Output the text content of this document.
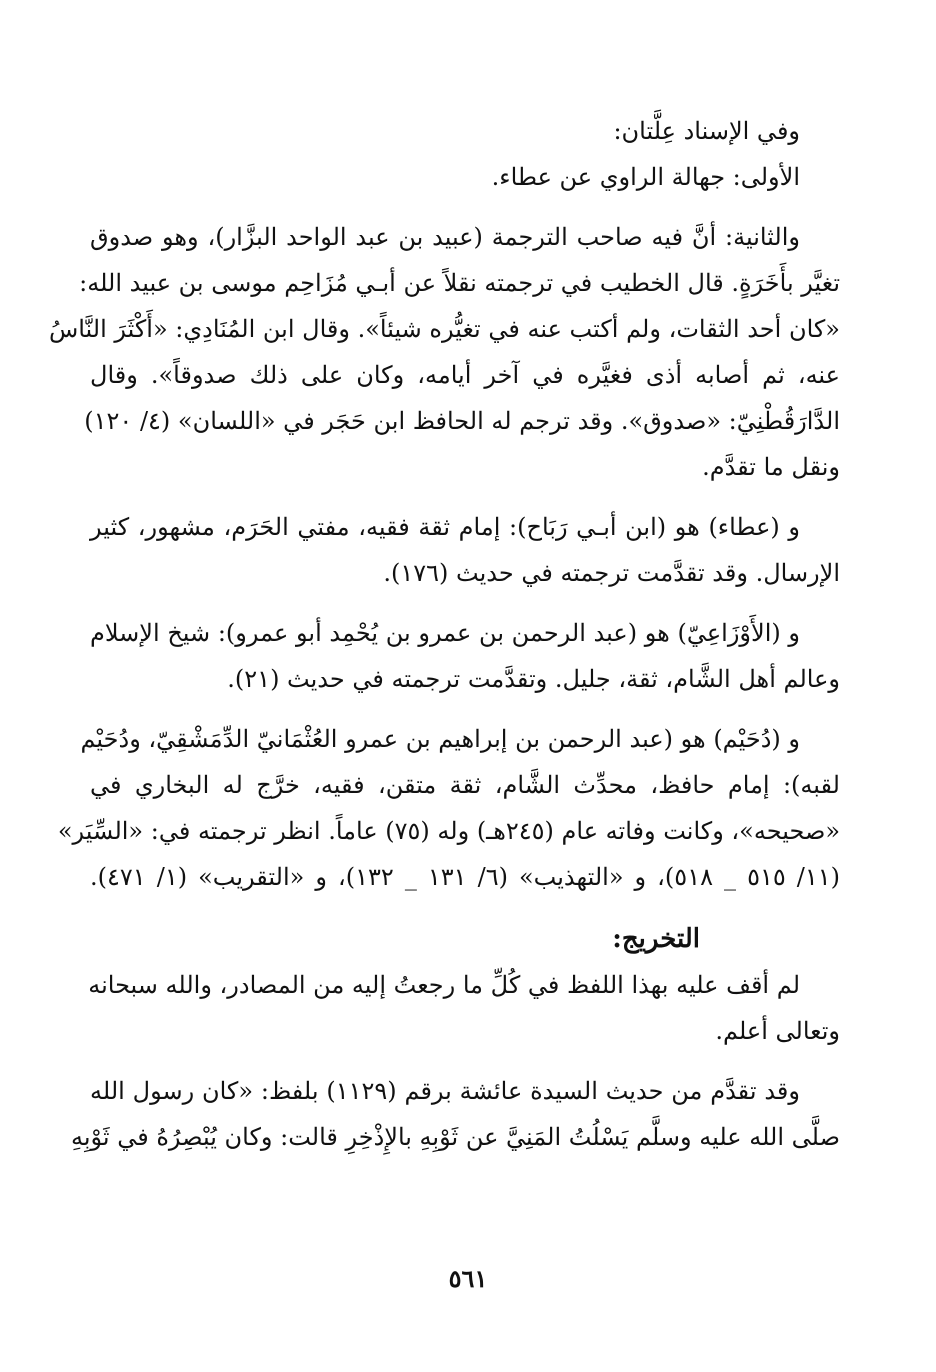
وفي الإسناد عِلَّتان:
الأولى: جهالة الراوي عن عطاء.
والثانية: أنَّ فيه صاحب الترجمة (عبيد بن عبد الواحد البزَّار)، وهو صدوق
تغيَّر بأَخَرَةٍ. قال الخطيب في ترجمته نقلاً عن أبـي مُزَاحِم موسى بن عبيد الله:
«كان أحد الثقات، ولم أكتب عنه في تغيُّره شيئاً». وقال ابن المُنَادِي: «أَكْثَرَ النَّاسُ
عنه، ثم أصابه أذى فغيَّره في آخر أيامه، وكان على ذلك صدوقاً». وقال
الدَّارَقُطْنِيّ: «صدوق». وقد ترجم له الحافظ ابن حَجَر في «اللسان» (٤/ ١٢٠)
ونقل ما تقدَّم.
و (عطاء) هو (ابن أبـي رَبَاح): إمام ثقة فقيه، مفتي الحَرَم، مشهور، كثير
الإرسال. وقد تقدَّمت ترجمته في حديث (١٧٦).
و (الأَوْزَاعِيّ) هو (عبد الرحمن بن عمرو بن يُحْمِد أبو عمرو): شيخ الإسلام
وعالم أهل الشَّام، ثقة، جليل. وتقدَّمت ترجمته في حديث (٢١).
و (دُحَيْم) هو (عبد الرحمن بن إبراهيم بن عمرو العُثْمَانيّ الدِّمَشْقِيّ، ودُحَيْم
لقبه): إمام حافظ، محدِّث الشَّام، ثقة متقن، فقيه، خرَّج له البخاري في
«صحيحه»، وكانت وفاته عام (٢٤٥هـ) وله (٧٥) عاماً. انظر ترجمته في: «السِّيَر»
(١١/ ٥١٥ _ ٥١٨)، و «التهذيب» (٦/ ١٣١ _ ١٣٢)، و «التقريب» (١/ ٤٧١).
التخريج:
لم أقف عليه بهذا اللفظ في كُلِّ ما رجعتُ إليه من المصادر، والله سبحانه
وتعالى أعلم.
وقد تقدَّم من حديث السيدة عائشة برقم (١١٢٩) بلفظ: «كان رسول الله
صلَّى الله عليه وسلَّم يَسْلُتُ المَنِيَّ عن ثَوْبِهِ بالإِذْخِرِ قالت: وكان يُبْصِرُهُ في ثَوْبِهِ
٥٦١
